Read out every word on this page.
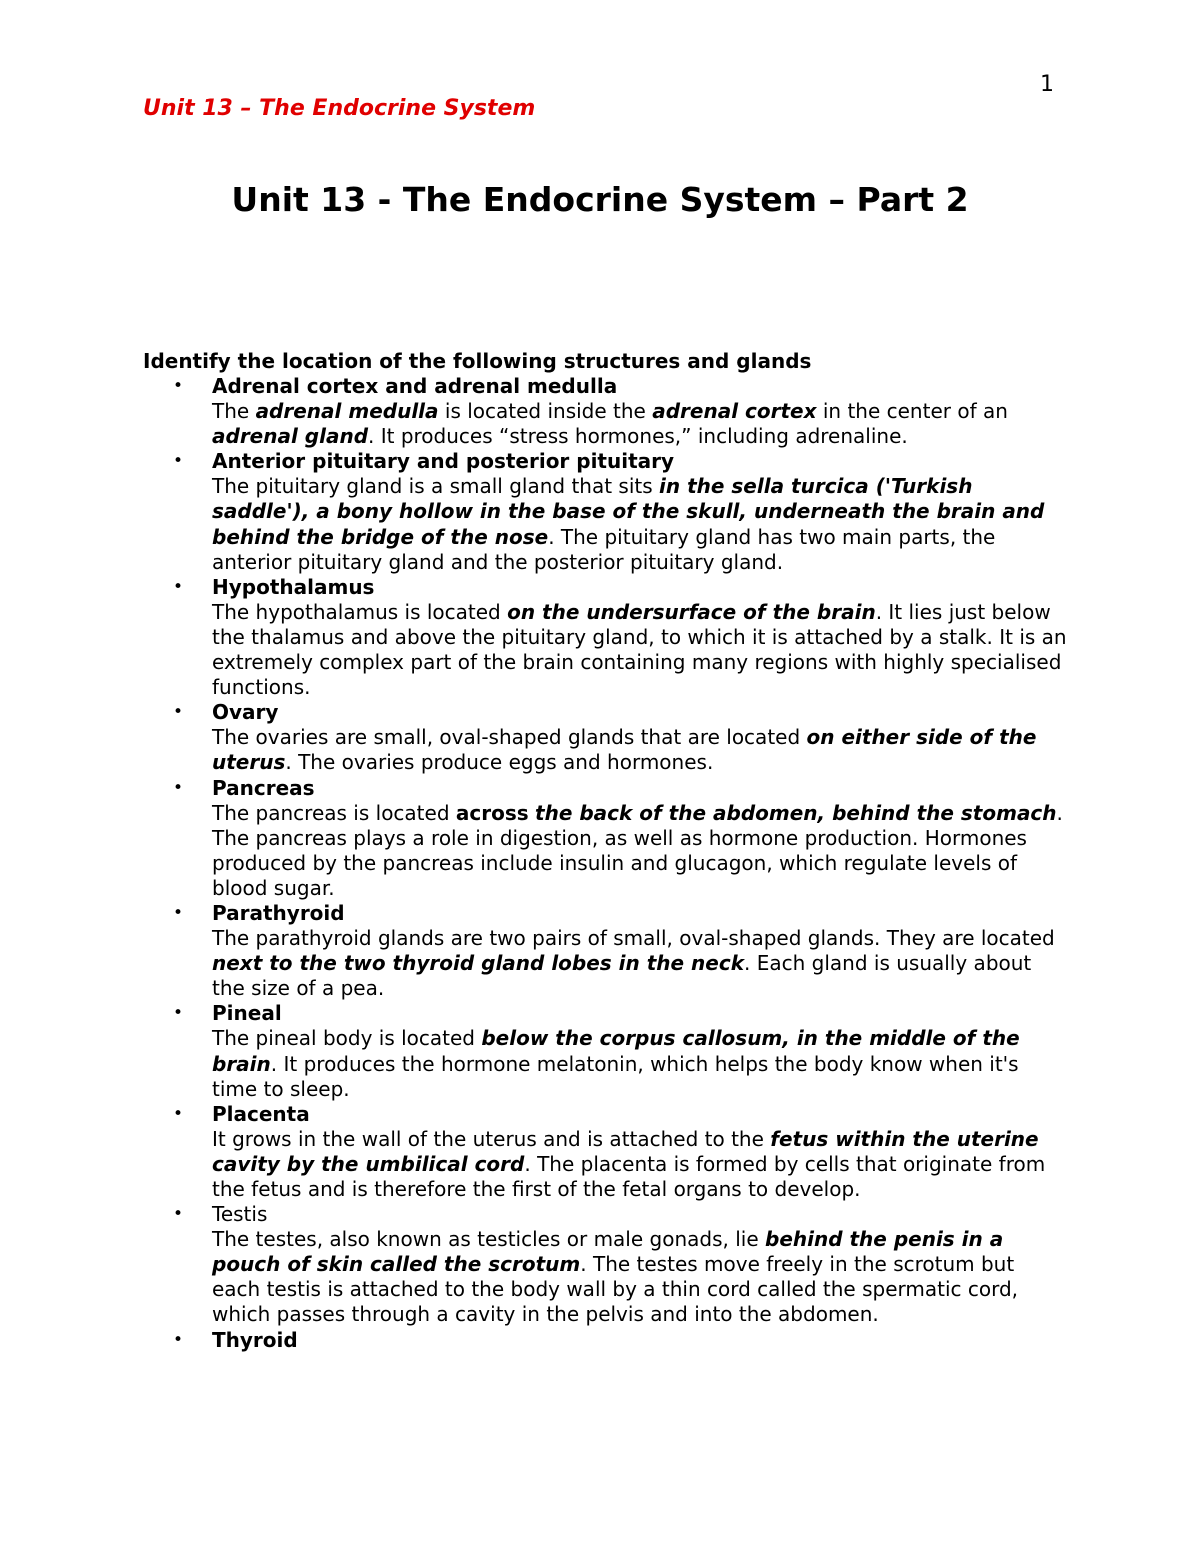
1
Unit 13 – The Endocrine System
Unit 13 - The Endocrine System – Part 2
Identify the location of the following structures and glands
• Adrenal cortex and adrenal medulla
The adrenal medulla is located inside the adrenal cortex in the center of an adrenal gland. It produces “stress hormones,” including adrenaline.
• Anterior pituitary and posterior pituitary
The pituitary gland is a small gland that sits in the sella turcica ('Turkish saddle'), a bony hollow in the base of the skull, underneath the brain and behind the bridge of the nose. The pituitary gland has two main parts, the anterior pituitary gland and the posterior pituitary gland.
• Hypothalamus
The hypothalamus is located on the undersurface of the brain. It lies just below the thalamus and above the pituitary gland, to which it is attached by a stalk. It is an extremely complex part of the brain containing many regions with highly specialised functions.
• Ovary
The ovaries are small, oval-shaped glands that are located on either side of the uterus. The ovaries produce eggs and hormones.
• Pancreas
The pancreas is located across the back of the abdomen, behind the stomach. The pancreas plays a role in digestion, as well as hormone production. Hormones produced by the pancreas include insulin and glucagon, which regulate levels of blood sugar.
• Parathyroid
The parathyroid glands are two pairs of small, oval-shaped glands. They are located next to the two thyroid gland lobes in the neck. Each gland is usually about the size of a pea.
• Pineal
The pineal body is located below the corpus callosum, in the middle of the brain. It produces the hormone melatonin, which helps the body know when it's time to sleep.
• Placenta
It grows in the wall of the uterus and is attached to the fetus within the uterine cavity by the umbilical cord. The placenta is formed by cells that originate from the fetus and is therefore the first of the fetal organs to develop.
• Testis
The testes, also known as testicles or male gonads, lie behind the penis in a pouch of skin called the scrotum. The testes move freely in the scrotum but each testis is attached to the body wall by a thin cord called the spermatic cord, which passes through a cavity in the pelvis and into the abdomen.
• Thyroid
